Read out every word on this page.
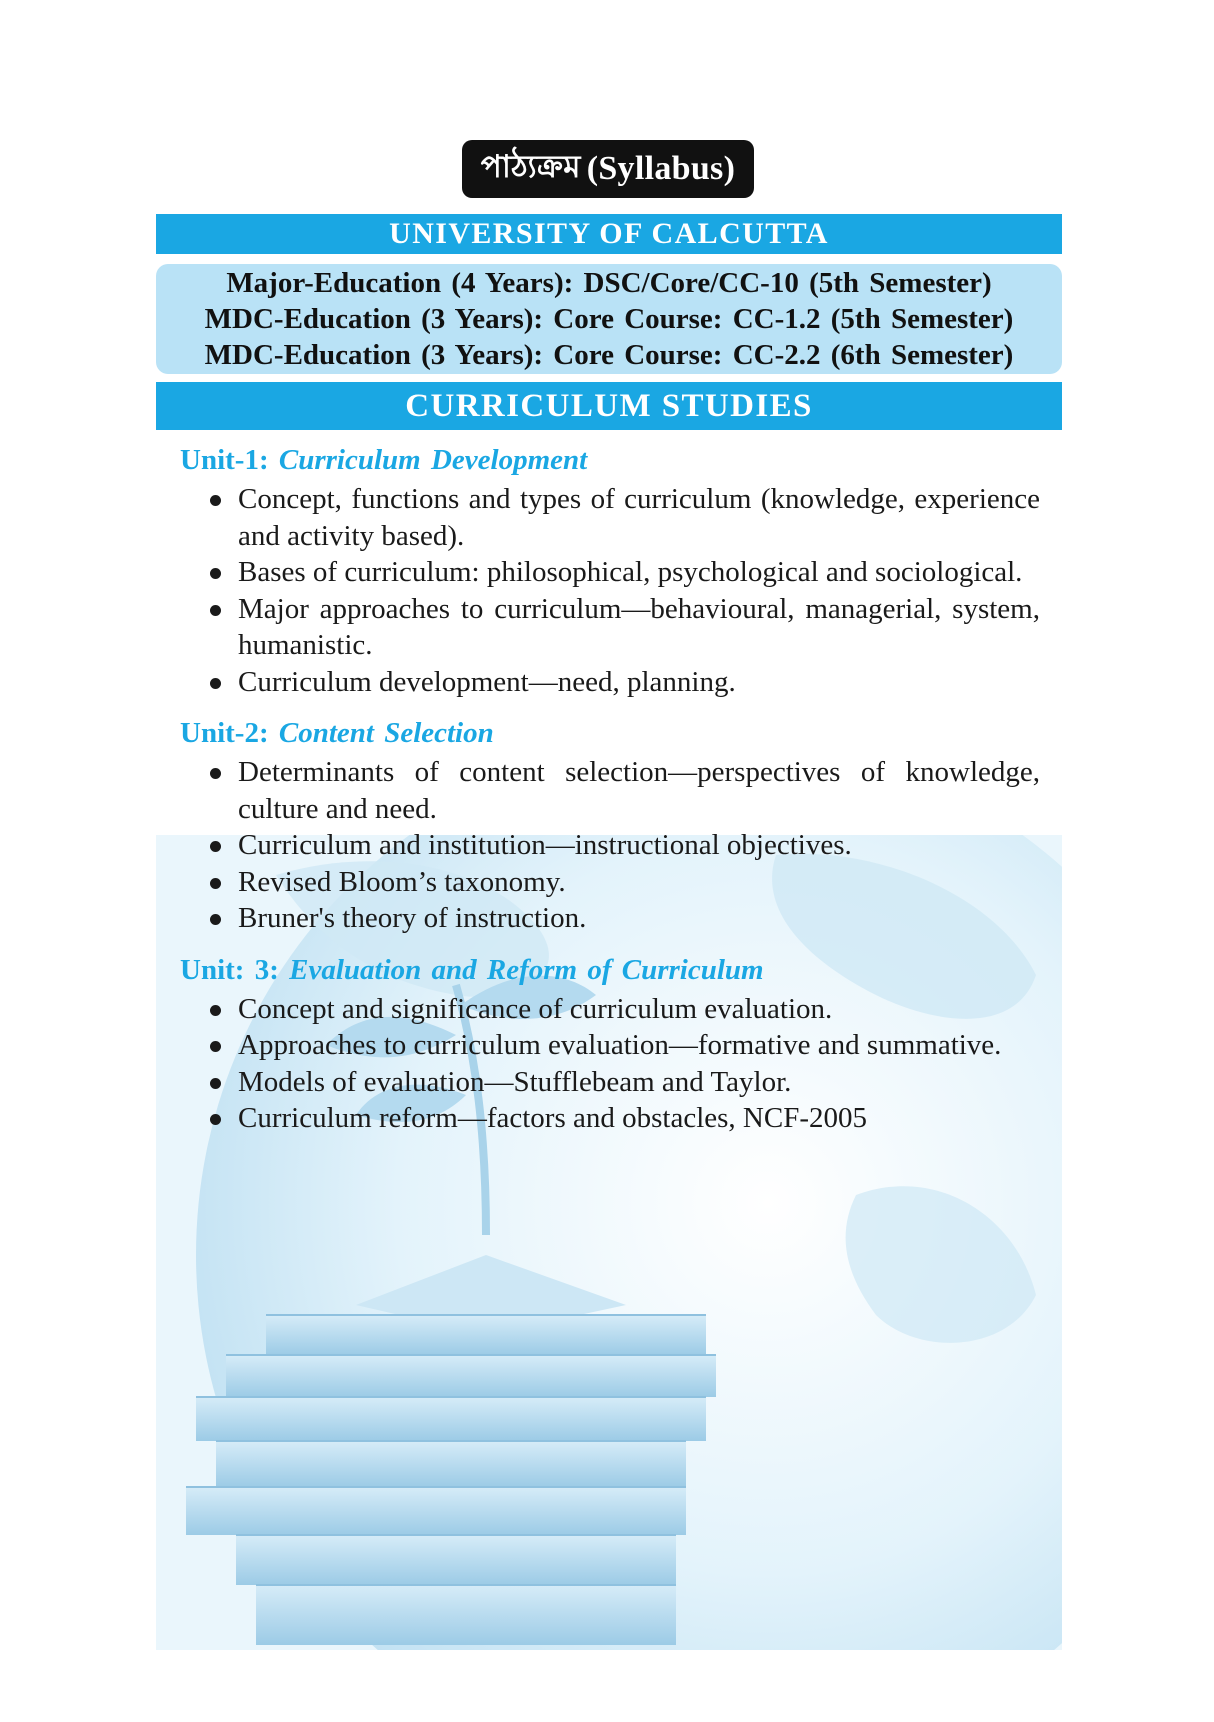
পাঠ্যক্রম (Syllabus)
UNIVERSITY OF CALCUTTA
Major-Education (4 Years): DSC/Core/CC-10 (5th Semester)
MDC-Education (3 Years): Core Course: CC-1.2 (5th Semester)
MDC-Education (3 Years): Core Course: CC-2.2 (6th Semester)
CURRICULUM STUDIES
Unit-1: Curriculum Development
Concept, functions and types of curriculum (knowledge, experience and activity based).
Bases of curriculum: philosophical, psychological and sociological.
Major approaches to curriculum—behavioural, managerial, system, humanistic.
Curriculum development—need, planning.
Unit-2: Content Selection
Determinants of content selection—perspectives of knowledge, culture and need.
Curriculum and institution—instructional objectives.
Revised Bloom’s taxonomy.
Bruner's theory of instruction.
Unit: 3: Evaluation and Reform of Curriculum
Concept and significance of curriculum evaluation.
Approaches to curriculum evaluation—formative and summative.
Models of evaluation—Stufflebeam and Taylor.
Curriculum reform—factors and obstacles, NCF-2005
